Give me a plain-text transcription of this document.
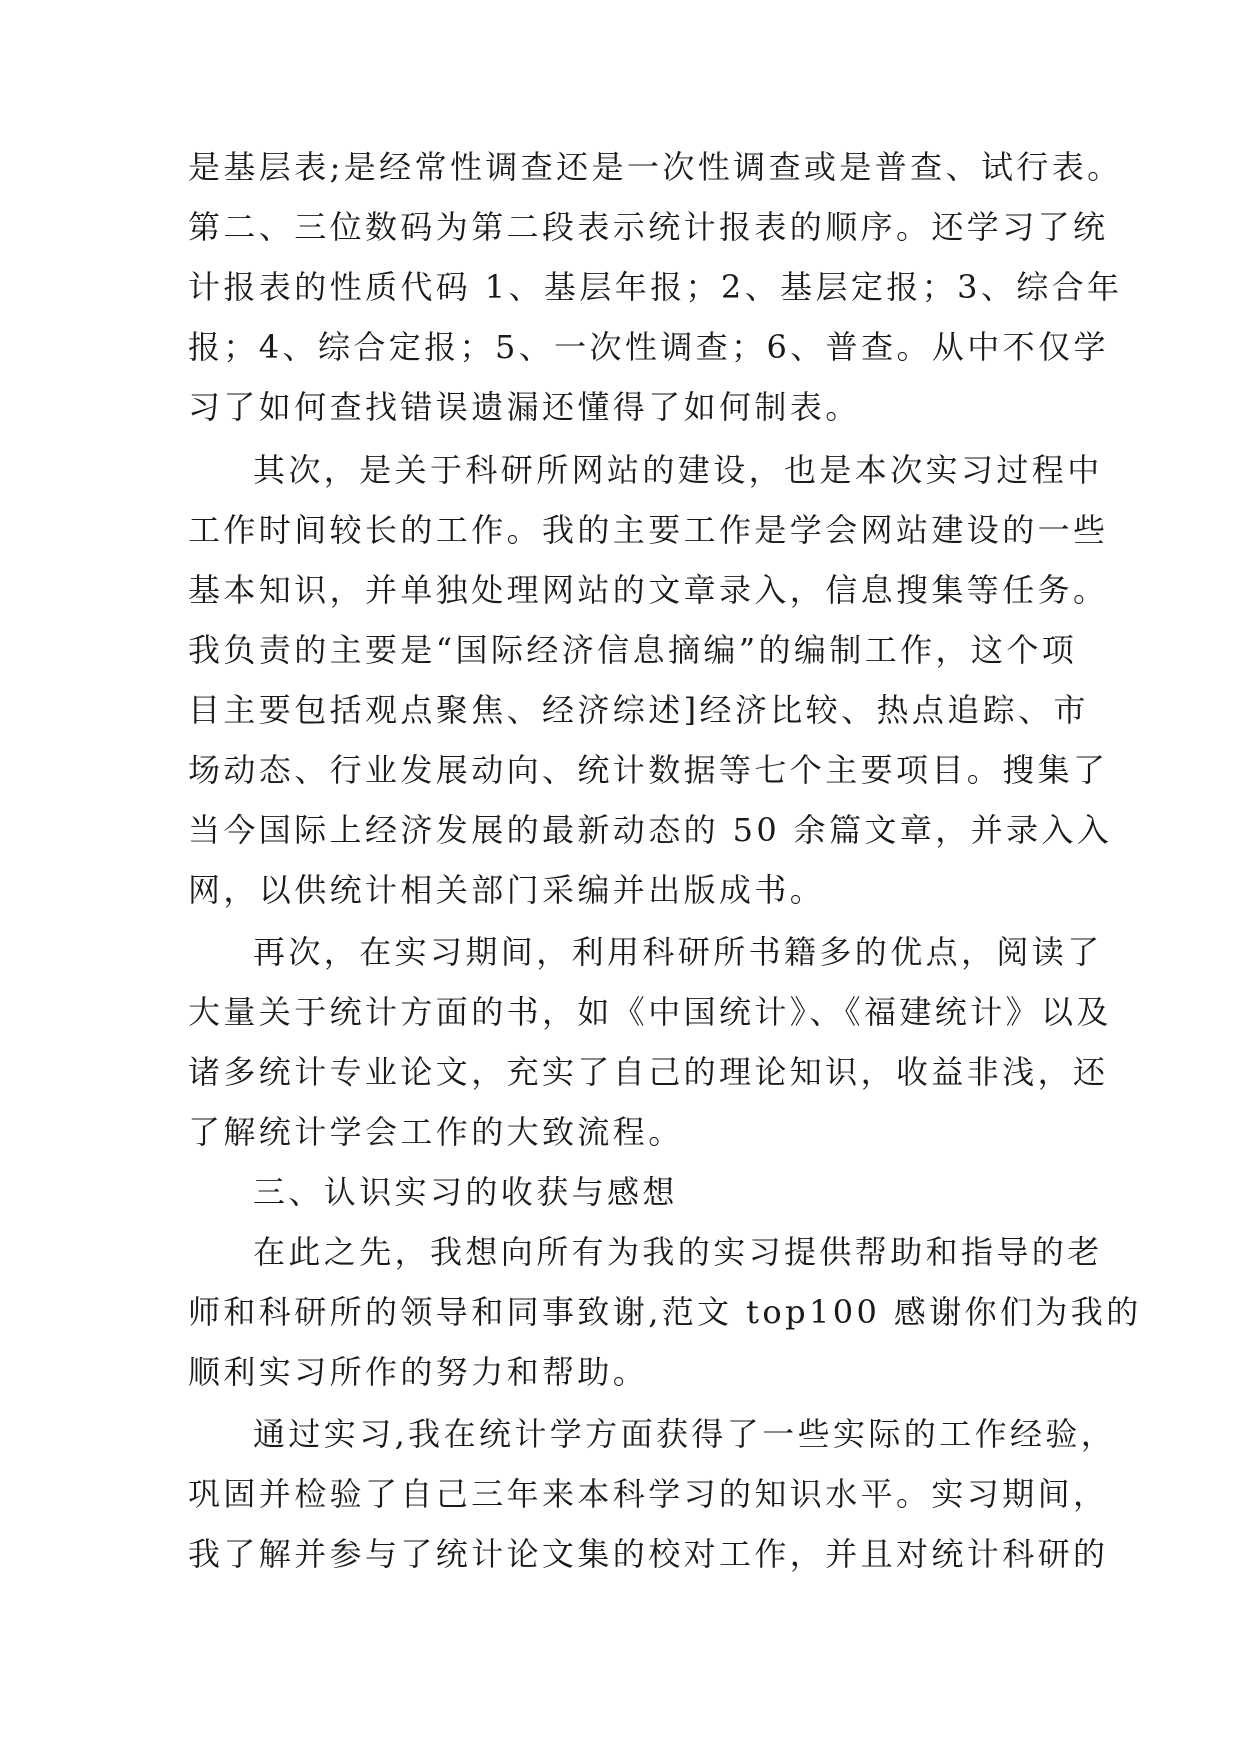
是基层表;是经常性调查还是一次性调查或是普查、试行表。
第二、三位数码为第二段表示统计报表的顺序。还学习了统
计报表的性质代码 1、基层年报；2、基层定报；3、综合年
报；4、综合定报；5、一次性调查；6、普查。从中不仅学
习了如何查找错误遗漏还懂得了如何制表。
其次，是关于科研所网站的建设，也是本次实习过程中
工作时间较长的工作。我的主要工作是学会网站建设的一些
基本知识，并单独处理网站的文章录入，信息搜集等任务。
我负责的主要是“国际经济信息摘编”的编制工作，这个项
目主要包括观点聚焦、经济综述]经济比较、热点追踪、市
场动态、行业发展动向、统计数据等七个主要项目。搜集了
当今国际上经济发展的最新动态的 50 余篇文章，并录入入
网，以供统计相关部门采编并出版成书。
再次，在实习期间，利用科研所书籍多的优点，阅读了
大量关于统计方面的书，如《中国统计》、《福建统计》以及
诸多统计专业论文，充实了自己的理论知识，收益非浅，还
了解统计学会工作的大致流程。
三、认识实习的收获与感想
在此之先，我想向所有为我的实习提供帮助和指导的老
师和科研所的领导和同事致谢,范文 top100 感谢你们为我的
顺利实习所作的努力和帮助。
通过实习,我在统计学方面获得了一些实际的工作经验，
巩固并检验了自己三年来本科学习的知识水平。实习期间，
我了解并参与了统计论文集的校对工作，并且对统计科研的
